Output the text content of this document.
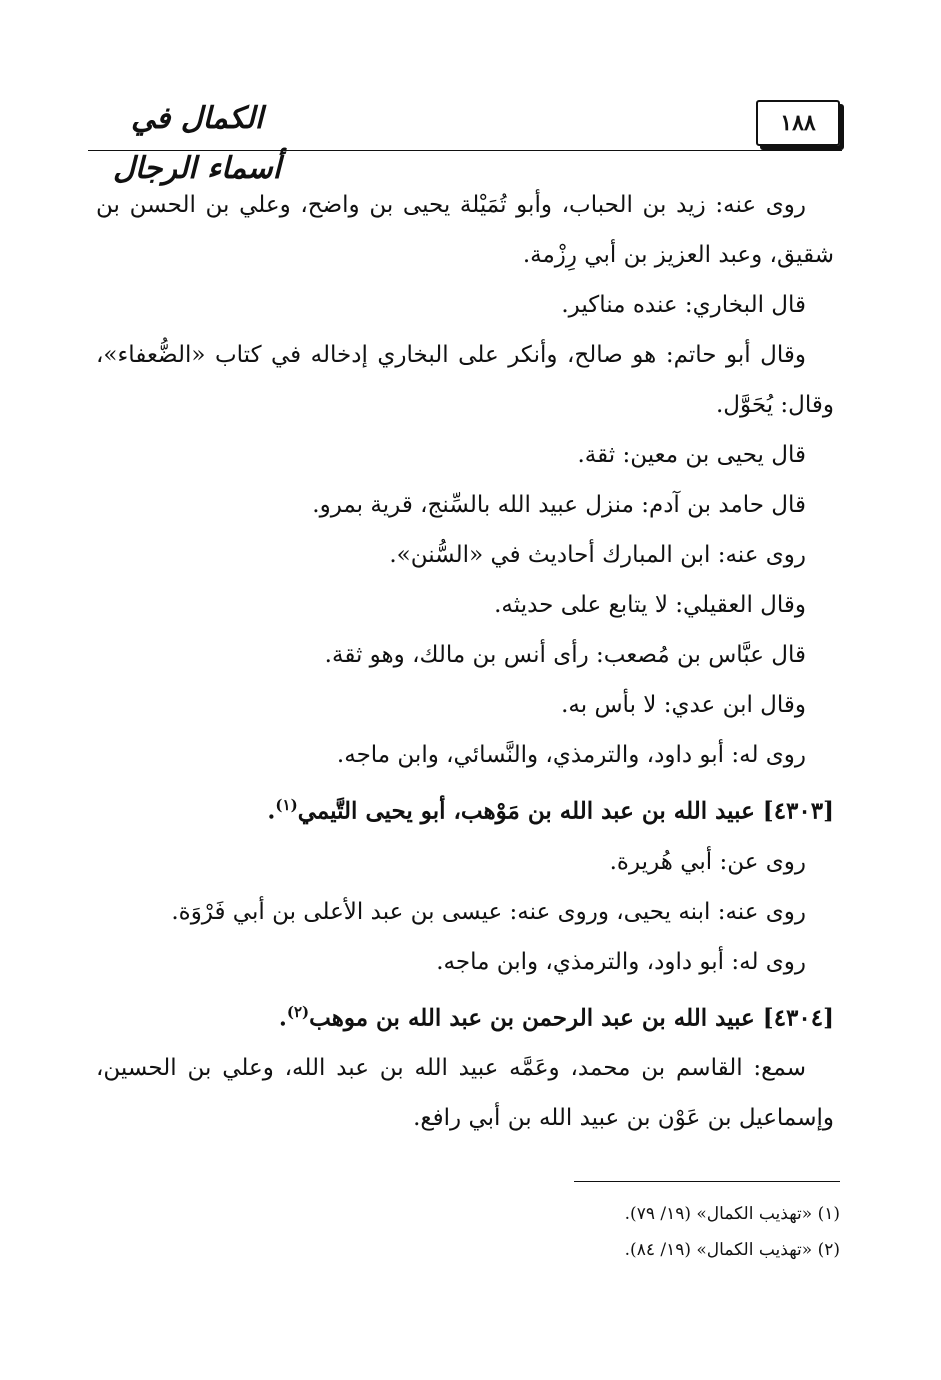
١٨٨
الكمال في أسماء الرجال

روى عنه: زيد بن الحباب، وأبو تُمَيْلة يحيى بن واضح، وعلي بن الحسن بن شقيق، وعبد العزيز بن أبي رِزْمة.

قال البخاري: عنده مناكير.

وقال أبو حاتم: هو صالح، وأنكر على البخاري إدخاله في كتاب «الضُّعفاء»، وقال: يُحَوَّل.

قال يحيى بن معين: ثقة.

قال حامد بن آدم: منزل عبيد الله بالسِّنج، قرية بمرو.

روى عنه: ابن المبارك أحاديث في «السُّنن».

وقال العقيلي: لا يتابع على حديثه.

قال عبَّاس بن مُصعب: رأى أنس بن مالك، وهو ثقة.

وقال ابن عدي: لا بأس به.

روى له: أبو داود، والترمذي، والنَّسائي، وابن ماجه.

[٤٣٠٣] عبيد الله بن عبد الله بن مَوْهب، أبو يحيى التَّيمي$^{(١)}$.

روى عن: أبي هُريرة.

روى عنه: ابنه يحيى، وروى عنه: عيسى بن عبد الأعلى بن أبي فَرْوَة.

روى له: أبو داود، والترمذي، وابن ماجه.

[٤٣٠٤] عبيد الله بن عبد الرحمن بن عبد الله بن موهب$^{(٢)}$.

سمع: القاسم بن محمد، وعَمَّه عبيد الله بن عبد الله، وعلي بن الحسين، وإسماعيل بن عَوْن بن عبيد الله بن أبي رافع.

(١) «تهذيب الكمال» (١٩/ ٧٩).

(٢) «تهذيب الكمال» (١٩/ ٨٤).
